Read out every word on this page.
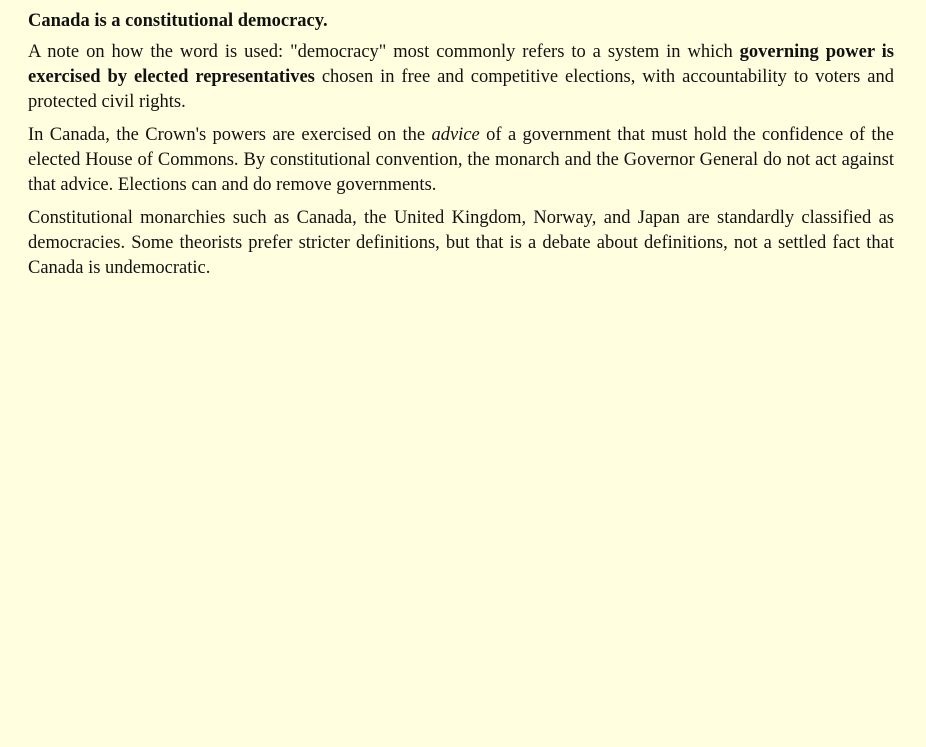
Canada is a constitutional democracy.

A note on how the word is used: "democracy" most commonly refers to a system in which governing power is exercised by elected representatives chosen in free and competitive elections, with accountability to voters and protected civil rights.

In Canada, the Crown's powers are exercised on the advice of a government that must hold the confidence of the elected House of Commons. By constitutional convention, the monarch and the Governor General do not act against that advice. Elections can and do remove governments.

Constitutional monarchies such as Canada, the United Kingdom, Norway, and Japan are standardly classified as democracies. Some theorists prefer stricter definitions, but that is a debate about definitions, not a settled fact that Canada is undemocratic.
